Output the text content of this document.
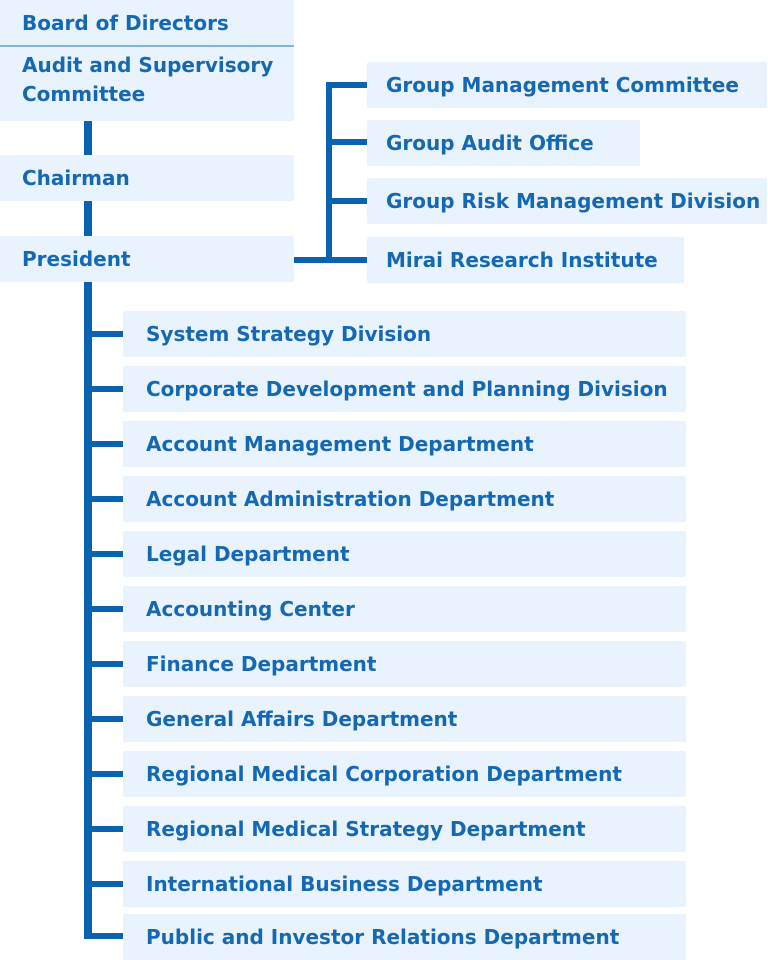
Board of Directors
Audit and Supervisory Committee
Chairman
President
Group Management Committee
Group Audit Office
Group Risk Management Division
Mirai Research Institute
System Strategy Division
Corporate Development and Planning Division
Account Management Department
Account Administration Department
Legal Department
Accounting Center
Finance Department
General Affairs Department
Regional Medical Corporation Department
Regional Medical Strategy Department
International Business Department
Public and Investor Relations Department
